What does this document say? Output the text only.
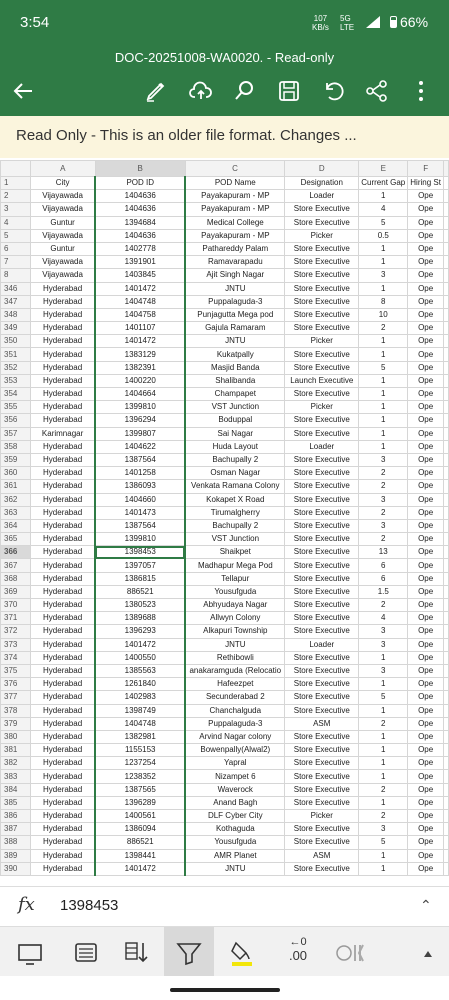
3:54	107
KB/s
5G
LTE	66%
DOC-20251008-WA0020. - Read-only
Read Only - This is an older file format. Changes ...
	A	B	C	D	E	F	
1	City	POD ID	POD Name	Designation	Current Gap	Hiring St	
2	Vijayawada	1404636	Payakapuram - MP	Loader	1	Ope	
3	Vijayawada	1404636	Payakapuram - MP	Store Executive	4	Ope	
4	Guntur	1394684	Medical College	Store Executive	5	Ope	
5	Vijayawada	1404636	Payakapuram - MP	Picker	0.5	Ope	
6	Guntur	1402778	Pathareddy Palam	Store Executive	1	Ope	
7	Vijayawada	1391901	Ramavarapadu	Store Executive	1	Ope	
8	Vijayawada	1403845	Ajit Singh Nagar	Store Executive	3	Ope	
346	Hyderabad	1401472	JNTU	Store Executive	1	Ope	
347	Hyderabad	1404748	Puppalaguda-3	Store Executive	8	Ope	
348	Hyderabad	1404758	Punjagutta Mega pod	Store Executive	10	Ope	
349	Hyderabad	1401107	Gajula Ramaram	Store Executive	2	Ope	
350	Hyderabad	1401472	JNTU	Picker	1	Ope	
351	Hyderabad	1383129	Kukatpally	Store Executive	1	Ope	
352	Hyderabad	1382391	Masjid Banda	Store Executive	5	Ope	
353	Hyderabad	1400220	Shalibanda	Launch Executive	1	Ope	
354	Hyderabad	1404664	Champapet	Store Executive	1	Ope	
355	Hyderabad	1399810	VST Junction	Picker	1	Ope	
356	Hyderabad	1396294	Boduppal	Store Executive	1	Ope	
357	Karimnagar	1399807	Sai Nagar	Store Executive	1	Ope	
358	Hyderabad	1404622	Huda Layout	Loader	1	Ope	
359	Hyderabad	1387564	Bachupally 2	Store Executive	3	Ope	
360	Hyderabad	1401258	Osman Nagar	Store Executive	2	Ope	
361	Hyderabad	1386093	Venkata Ramana Colony	Store Executive	2	Ope	
362	Hyderabad	1404660	Kokapet X Road	Store Executive	3	Ope	
363	Hyderabad	1401473	Tirumalgherry	Store Executive	2	Ope	
364	Hyderabad	1387564	Bachupally 2	Store Executive	3	Ope	
365	Hyderabad	1399810	VST Junction	Store Executive	2	Ope	
366	Hyderabad	1398453	Shaikpet	Store Executive	13	Ope	
367	Hyderabad	1397057	Madhapur Mega Pod	Store Executive	6	Ope	
368	Hyderabad	1386815	Tellapur	Store Executive	6	Ope	
369	Hyderabad	886521	Yousufguda	Store Executive	1.5	Ope	
370	Hyderabad	1380523	Abhyudaya Nagar	Store Executive	2	Ope	
371	Hyderabad	1389688	Allwyn Colony	Store Executive	4	Ope	
372	Hyderabad	1396293	Alkapuri Township	Store Executive	3	Ope	
373	Hyderabad	1401472	JNTU	Loader	3	Ope	
374	Hyderabad	1400550	Rethibowli	Store Executive	1	Ope	
375	Hyderabad	1385563	anakaramguda (Relocatio	Store Executive	3	Ope	
376	Hyderabad	1261840	Hafeezpet	Store Executive	1	Ope	
377	Hyderabad	1402983	Secunderabad 2	Store Executive	5	Ope	
378	Hyderabad	1398749	Chanchalguda	Store Executive	1	Ope	
379	Hyderabad	1404748	Puppalaguda-3	ASM	2	Ope	
380	Hyderabad	1382981	Arvind Nagar colony	Store Executive	1	Ope	
381	Hyderabad	1155153	Bowenpally(Alwal2)	Store Executive	1	Ope	
382	Hyderabad	1237254	Yapral	Store Executive	1	Ope	
383	Hyderabad	1238352	Nizampet 6	Store Executive	1	Ope	
384	Hyderabad	1387565	Waverock	Store Executive	2	Ope	
385	Hyderabad	1396289	Anand Bagh	Store Executive	1	Ope	
386	Hyderabad	1400561	DLF Cyber City	Picker	2	Ope	
387	Hyderabad	1386094	Kothaguda	Store Executive	3	Ope	
388	Hyderabad	886521	Yousufguda	Store Executive	5	Ope	
389	Hyderabad	1398441	AMR Planet	ASM	1	Ope	
390	Hyderabad	1401472	JNTU	Store Executive	1	Ope	
fx 1398453	⌃
←0
.00
